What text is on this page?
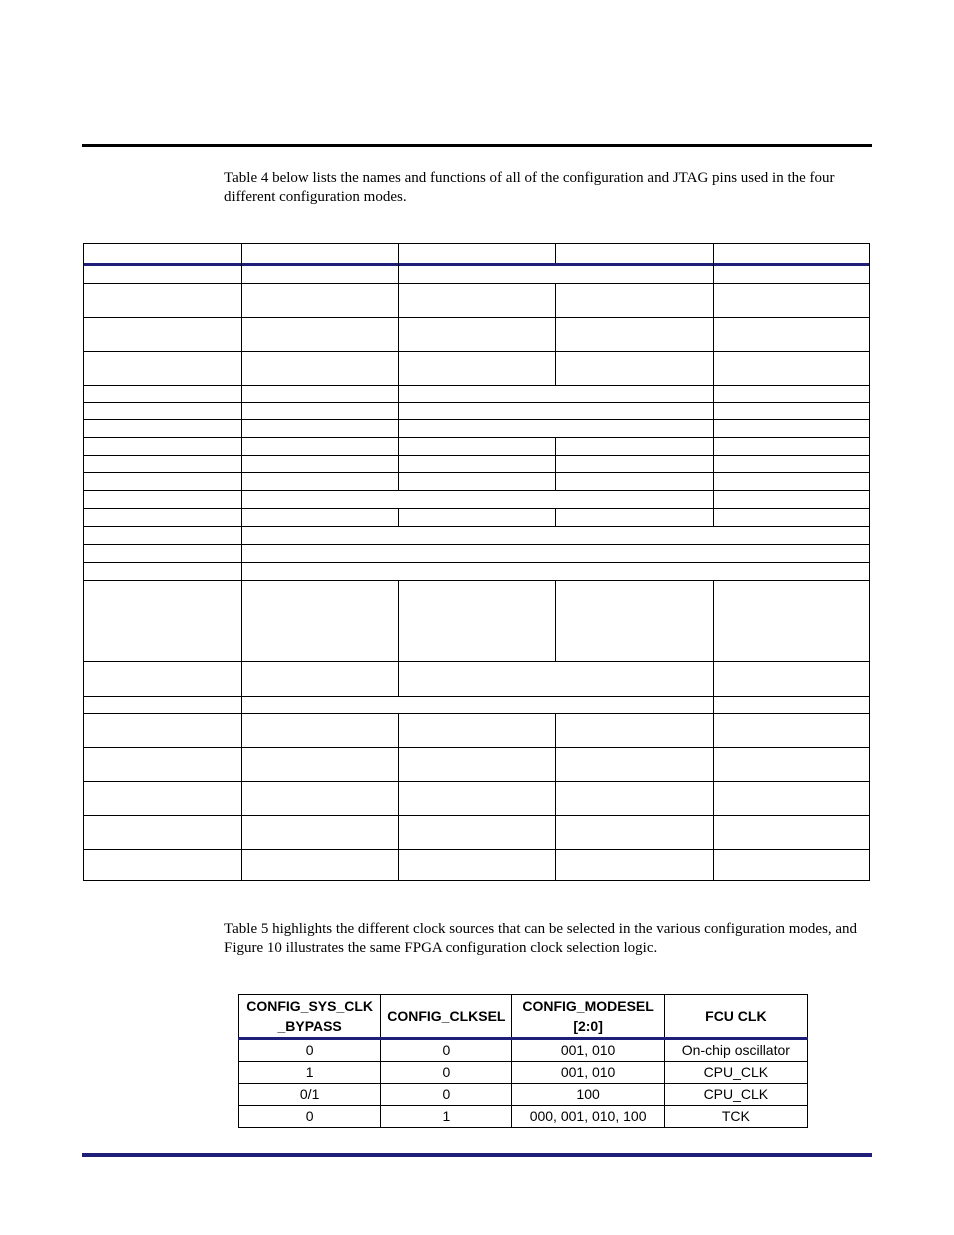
Table 4 below lists the names and functions of all of the configuration and JTAG pins used in the four different configuration modes.

Table 5 highlights the different clock sources that can be selected in the various configuration modes, and Figure 10 illustrates the same FPGA configuration clock selection logic.

CONFIG_SYS_CLK _BYPASS	CONFIG_CLKSEL	CONFIG_MODESEL [2:0]	FCU CLK
0	0	001, 010	On-chip oscillator
1	0	001, 010	CPU_CLK
0/1	0	100	CPU_CLK
0	1	000, 001, 010, 100	TCK
